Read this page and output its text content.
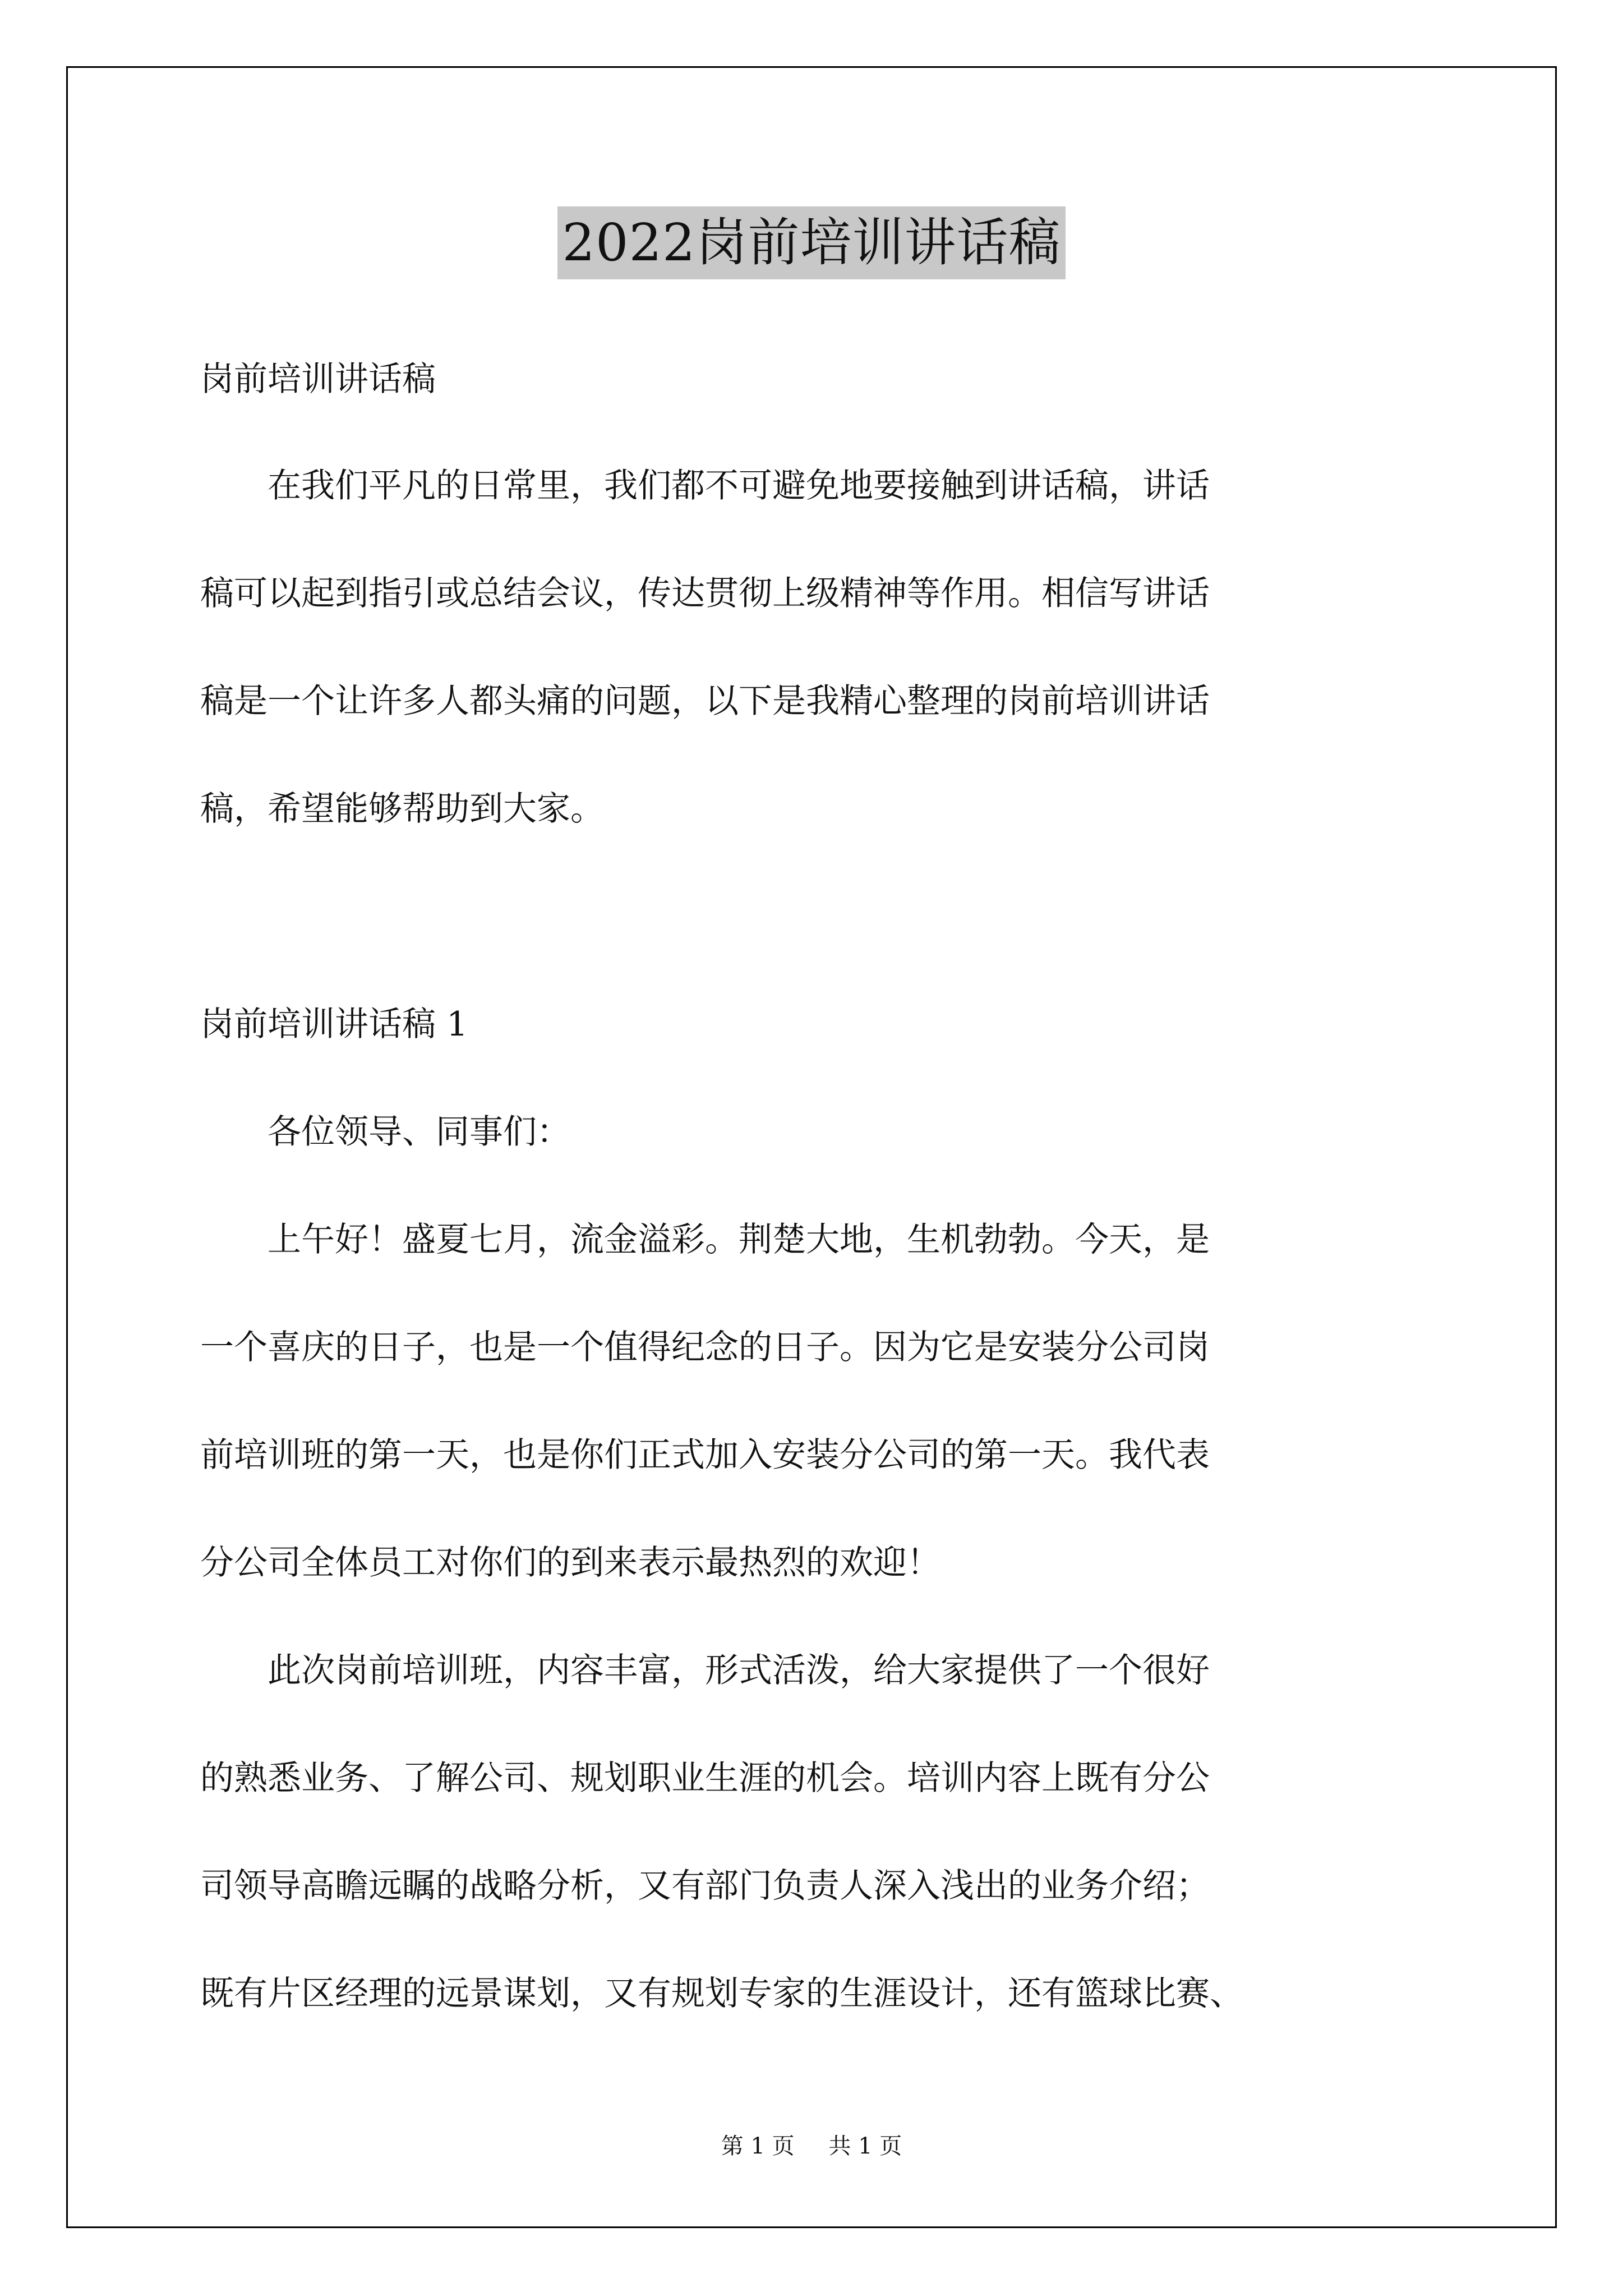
2022岗前培训讲话稿

岗前培训讲话稿

　　在我们平凡的日常里，我们都不可避免地要接触到讲话稿，讲话

稿可以起到指引或总结会议，传达贯彻上级精神等作用。相信写讲话

稿是一个让许多人都头痛的问题，以下是我精心整理的岗前培训讲话

稿，希望能够帮助到大家。

岗前培训讲话稿 1

　　各位领导、同事们：

　　上午好！盛夏七月，流金溢彩。荆楚大地，生机勃勃。今天，是

一个喜庆的日子，也是一个值得纪念的日子。因为它是安装分公司岗

前培训班的第一天，也是你们正式加入安装分公司的第一天。我代表

分公司全体员工对你们的到来表示最热烈的欢迎！

　　此次岗前培训班，内容丰富，形式活泼，给大家提供了一个很好

的熟悉业务、了解公司、规划职业生涯的机会。培训内容上既有分公

司领导高瞻远瞩的战略分析，又有部门负责人深入浅出的业务介绍；

既有片区经理的远景谋划，又有规划专家的生涯设计，还有篮球比赛、

第 1 页 共 1 页
